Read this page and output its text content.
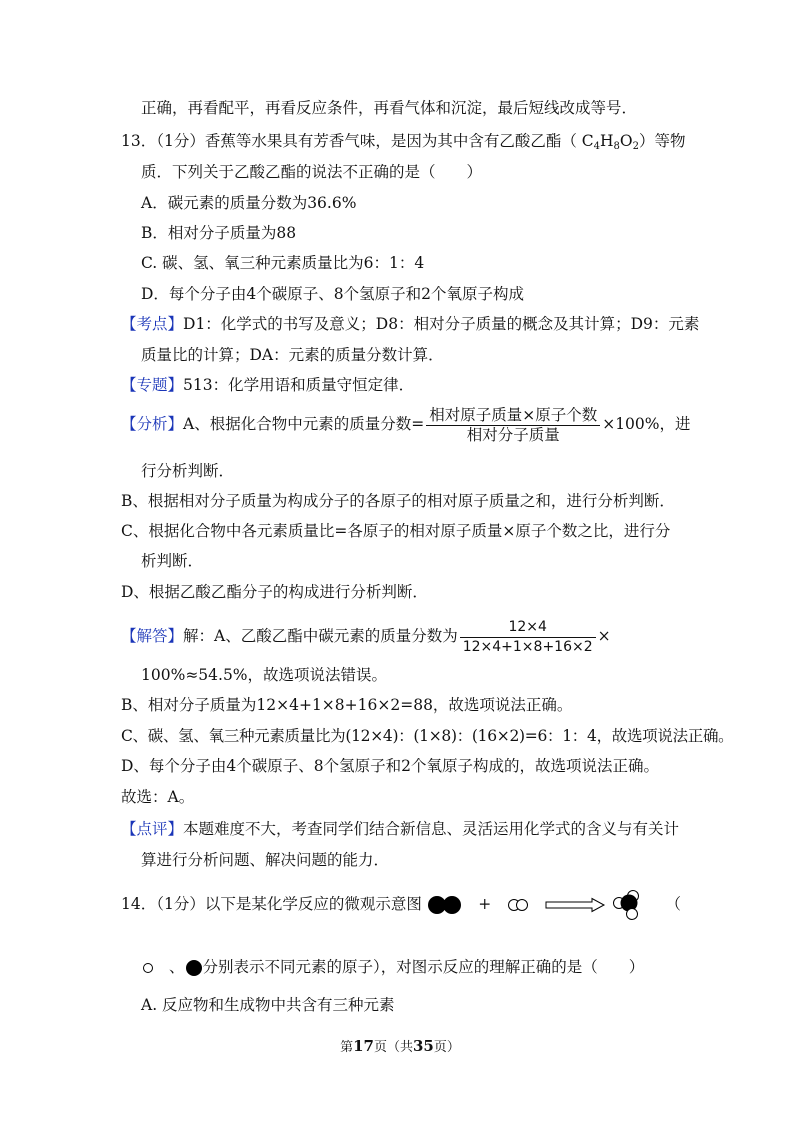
正确，再看配平，再看反应条件，再看气体和沉淀，最后短线改成等号．
13．（1分）香蕉等水果具有芳香气味，是因为其中含有乙酸乙酯（ $C_4H_8O_2$）等物
质．下列关于乙酸乙酯的说法不正确的是（　　）
A．碳元素的质量分数为36.6%
B．相对分子质量为88
C. 碳、氢、氧三种元素质量比为6：1：4
D．每个分子由4个碳原子、8个氢原子和2个氧原子构成
【考点】D1：化学式的书写及意义；D8：相对分子质量的概念及其计算；D9：元素
质量比的计算；DA：元素的质量分数计算．
【专题】513：化学用语和质量守恒定律．
【分析】A、根据化合物中元素的质量分数= $\frac{\text{相对原子质量×原子个数}}{\text{相对分子质量}} \times 100\%$，进
行分析判断．
B、根据相对分子质量为构成分子的各原子的相对原子质量之和，进行分析判断．
C、根据化合物中各元素质量比=各原子的相对原子质量×原子个数之比，进行分
析判断．
D、根据乙酸乙酯分子的构成进行分析判断．
【解答】解：A、乙酸乙酯中碳元素的质量分数为 $\frac{12\times 4}{12\times 4+1\times 8+16\times 2}$ ×
100%≈54.5%，故选项说法错误。
B、相对分子质量为12×4+1×8+16×2=88，故选项说法正确。
C、碳、氢、氧三种元素质量比为(12×4)：(1×8)：(16×2)=6：1：4，故选项说法正确。
D、每个分子由4个碳原子、8个氢原子和2个氧原子构成的，故选项说法正确。
故选：A。
【点评】本题难度不大，考查同学们结合新信息、灵活运用化学式的含义与有关计
算进行分析问题、解决问题的能力．
14．（1分）以下是某化学反应的微观示意图	+	（
、 分别表示不同元素的原子），对图示反应的理解正确的是（　　）
A. 反应物和生成物中共含有三种元素
第17页（共35页）
